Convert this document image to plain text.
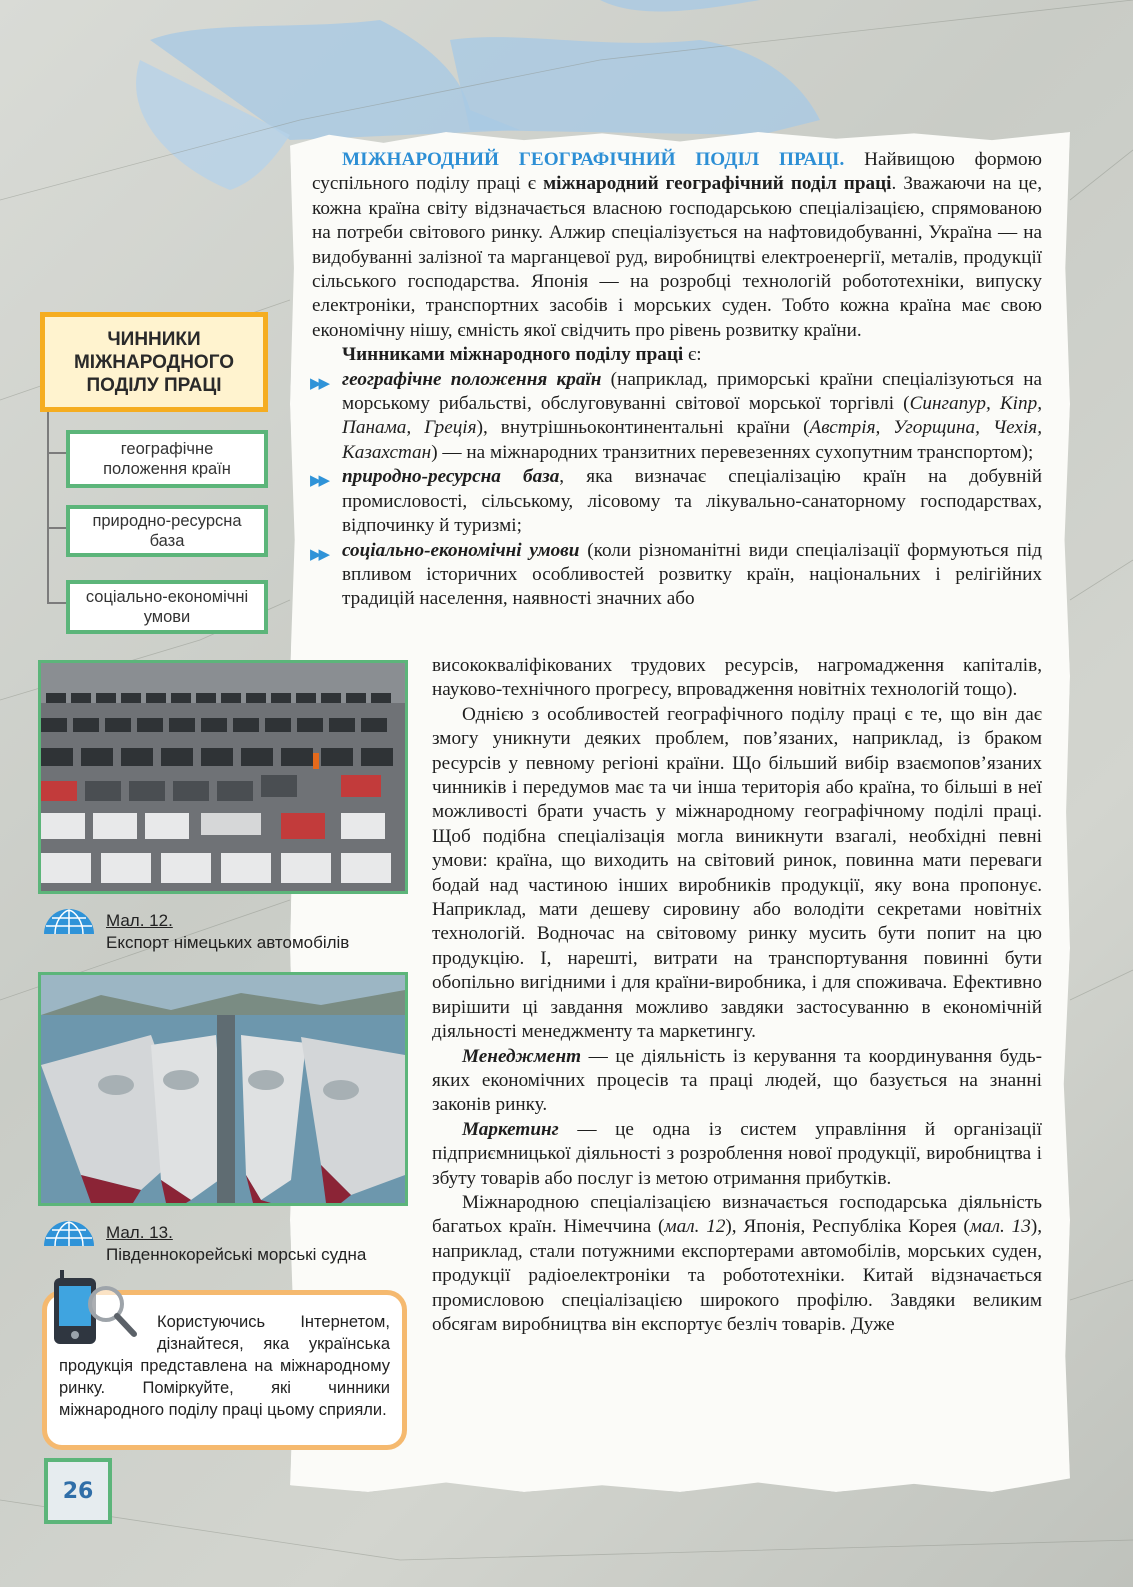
МІЖНАРОДНИЙ ГЕОГРАФІЧНИЙ ПОДІЛ ПРАЦІ. Найвищою формою суспільного поділу праці є міжнародний географічний поділ праці. Зважаючи на це, кожна країна світу відзначається власною господарською спеціалізацією, спрямованою на потреби світового ринку. Алжир спеціалізується на нафтовидобуванні, Україна — на видобуванні залізної та марганцевої руд, виробництві електроенергії, металів, продукції сільського господарства. Японія — на розробці технологій робототехніки, випуску електроніки, транспортних засобів і морських суден. Тобто кожна країна має свою економічну нішу, ємність якої свідчить про рівень розвитку країни.

Чинниками міжнародного поділу праці є:

▶▶ географічне положення країн (наприклад, приморські країни спеціалізуються на морському рибальстві, обслуговуванні світової морської торгівлі (Сингапур, Кіпр, Панама, Греція), внутрішньоконтинентальні країни (Австрія, Угорщина, Чехія, Казахстан) — на міжнародних транзитних перевезеннях сухопутним транспортом);

▶▶ природно-ресурсна база, яка визначає спеціалізацію країн на добувній промисловості, сільському, лісовому та лікувально-санаторному господарствах, відпочинку й туризмі;

▶▶ соціально-економічні умови (коли різноманітні види спеціалізації формуються під впливом історичних особливостей розвитку країн, національних і релігійних традицій населення, наявності значних або

висококваліфікованих трудових ресурсів, нагромадження капіталів, науково-технічного прогресу, впровадження новітніх технологій тощо).

Однією з особливостей географічного поділу праці є те, що він дає змогу уникнути деяких проблем, пов’язаних, наприклад, із браком ресурсів у певному регіоні країни. Що більший вибір взаємопов’язаних чинників і передумов має та чи інша територія або країна, то більші в неї можливості брати участь у міжнародному географічному поділі праці. Щоб подібна спеціалізація могла виникнути взагалі, необхідні певні умови: країна, що виходить на світовий ринок, повинна мати переваги бодай над частиною інших виробників продукції, яку вона пропонує. Наприклад, мати дешеву сировину або володіти секретами новітніх технологій. Водночас на світовому ринку мусить бути попит на цю продукцію. І, нарешті, витрати на транспортування повинні бути обопільно вигідними і для країни-виробника, і для споживача. Ефективно вирішити ці завдання можливо завдяки застосуванню в економічній діяльності менеджменту та маркетингу.

Менеджмент — це діяльність із керування та координування будь-яких економічних процесів та праці людей, що базується на знанні законів ринку.

Маркетинг — це одна із систем управління й організації підприємницької діяльності з розроблення нової продукції, виробництва і збуту товарів або послуг із метою отримання прибутків.

Міжнародною спеціалізацією визначається господарська діяльність багатьох країн. Німеччина (мал. 12), Японія, Республіка Корея (мал. 13), наприклад, стали потужними експортерами автомобілів, морських суден, продукції радіоелектроніки та робототехніки. Китай відзначається промисловою спеціалізацією широкого профілю. Завдяки великим обсягам виробництва він експортує безліч товарів. Дуже

ЧИННИКИ МІЖНАРОДНОГО ПОДІЛУ ПРАЦІ
географічне положення країн
природно-ресурсна база
соціально-економічні умови
Мал. 12.
Експорт німецьких автомобілів
Мал. 13.
Південнокорейські морські судна
Користуючись Інтернетом, дізнайтеся, яка українська продукція представлена на міжнародному ринку. Поміркуйте, які чинники міжнародного поділу праці цьому сприяли.
26
